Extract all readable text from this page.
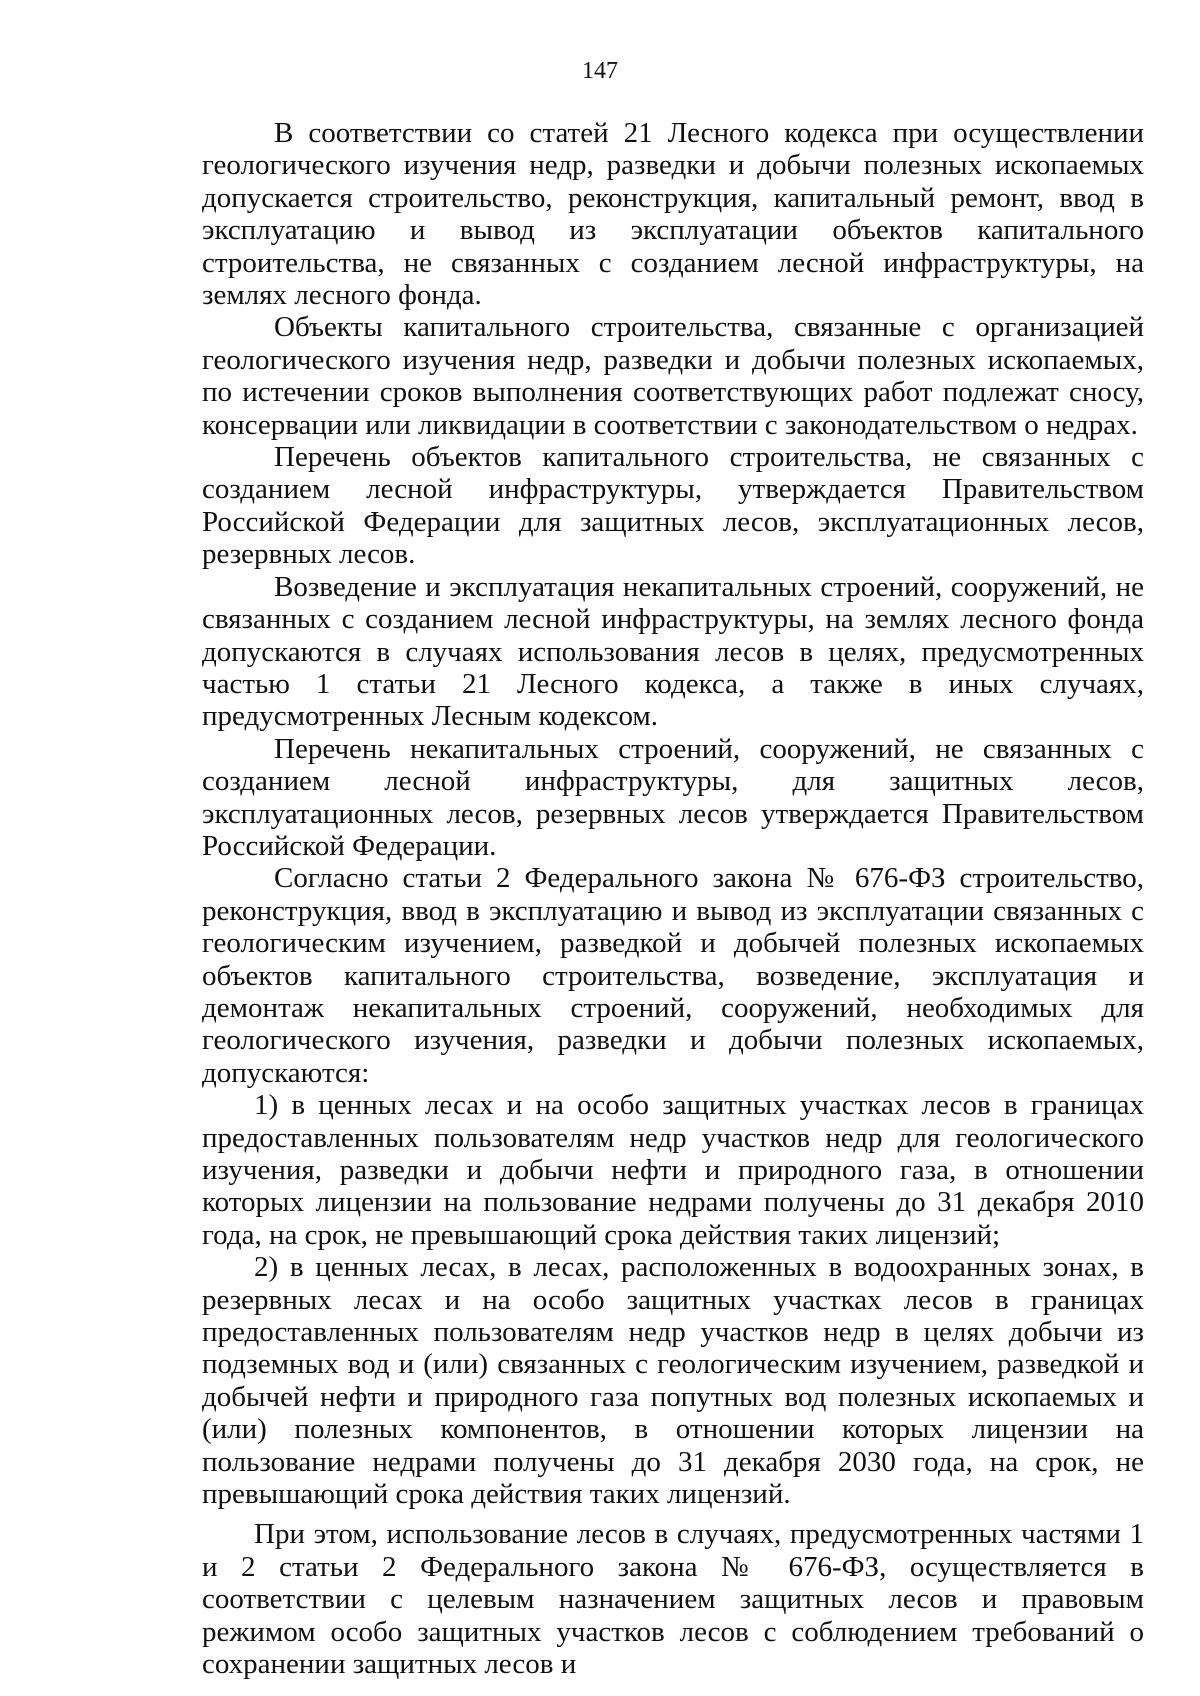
147

В соответствии со статей 21 Лесного кодекса при осуществлении геологического изучения недр, разведки и добычи полезных ископаемых допускается строительство, реконструкция, капитальный ремонт, ввод в эксплуатацию и вывод из эксплуатации объектов капитального строительства, не связанных с созданием лесной инфраструктуры, на землях лесного фонда.

Объекты капитального строительства, связанные с организацией геологического изучения недр, разведки и добычи полезных ископаемых, по истечении сроков выполнения соответствующих работ подлежат сносу, консервации или ликвидации в соответствии с законодательством о недрах.

Перечень объектов капитального строительства, не связанных с созданием лесной инфраструктуры, утверждается Правительством Российской Федерации для защитных лесов, эксплуатационных лесов, резервных лесов.

Возведение и эксплуатация некапитальных строений, сооружений, не связанных с созданием лесной инфраструктуры, на землях лесного фонда допускаются в случаях использования лесов в целях, предусмотренных частью 1 статьи 21 Лесного кодекса, а также в иных случаях, предусмотренных Лесным кодексом.

Перечень некапитальных строений, сооружений, не связанных с созданием лесной инфраструктуры, для защитных лесов, эксплуатационных лесов, резервных лесов утверждается Правительством Российской Федерации.

Согласно статьи 2 Федерального закона № 676-ФЗ строительство, реконструкция, ввод в эксплуатацию и вывод из эксплуатации связанных с геологическим изучением, разведкой и добычей полезных ископаемых объектов капитального строительства, возведение, эксплуатация и демонтаж некапитальных строений, сооружений, необходимых для геологического изучения, разведки и добычи полезных ископаемых, допускаются:

1) в ценных лесах и на особо защитных участках лесов в границах предоставленных пользователям недр участков недр для геологического изучения, разведки и добычи нефти и природного газа, в отношении которых лицензии на пользование недрами получены до 31 декабря 2010 года, на срок, не превышающий срока действия таких лицензий;

2) в ценных лесах, в лесах, расположенных в водоохранных зонах, в резервных лесах и на особо защитных участках лесов в границах предоставленных пользователям недр участков недр в целях добычи из подземных вод и (или) связанных с геологическим изучением, разведкой и добычей нефти и природного газа попутных вод полезных ископаемых и (или) полезных компонентов, в отношении которых лицензии на пользование недрами получены до 31 декабря 2030 года, на срок, не превышающий срока действия таких лицензий.

При этом, использование лесов в случаях, предусмотренных частями 1 и 2 статьи 2 Федерального закона № 676-ФЗ, осуществляется в соответствии с целевым назначением защитных лесов и правовым режимом особо защитных участков лесов с соблюдением требований о сохранении защитных лесов и
